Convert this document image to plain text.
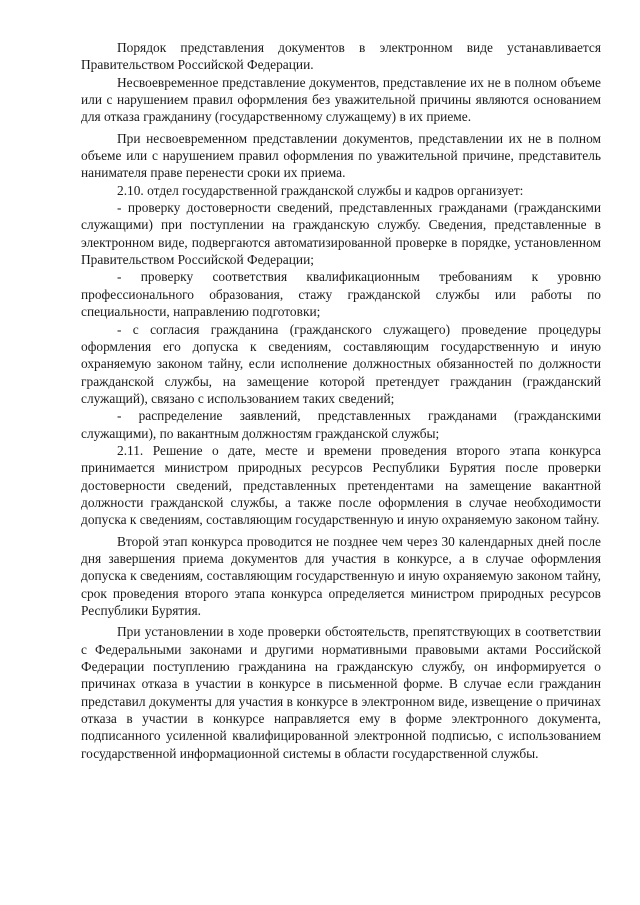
Порядок представления документов в электронном виде устанавливается Правительством Российской Федерации.

Несвоевременное представление документов, представление их не в полном объеме или с нарушением правил оформления без уважительной причины являются основанием для отказа гражданину (государственному служащему) в их приеме.

При несвоевременном представлении документов, представлении их не в полном объеме или с нарушением правил оформления по уважительной причине, представитель нанимателя праве перенести сроки их приема.

2.10. отдел государственной гражданской службы и кадров организует:

- проверку достоверности сведений, представленных гражданами (гражданскими служащими) при поступлении на гражданскую службу. Сведения, представленные в электронном виде, подвергаются автоматизированной проверке в порядке, установленном Правительством Российской Федерации;

- проверку соответствия квалификационным требованиям к уровню профессионального образования, стажу гражданской службы или работы по специальности, направлению подготовки;

- с согласия гражданина (гражданского служащего) проведение процедуры оформления его допуска к сведениям, составляющим государственную и иную охраняемую законом тайну, если исполнение должностных обязанностей по должности гражданской службы, на замещение которой претендует гражданин (гражданский служащий), связано с использованием таких сведений;

- распределение заявлений, представленных гражданами (гражданскими служащими), по вакантным должностям гражданской службы;

2.11. Решение о дате, месте и времени проведения второго этапа конкурса принимается министром природных ресурсов Республики Бурятия после проверки достоверности сведений, представленных претендентами на замещение вакантной должности гражданской службы, а также после оформления в случае необходимости допуска к сведениям, составляющим государственную и иную охраняемую законом тайну.

Второй этап конкурса проводится не позднее чем через 30 календарных дней после дня завершения приема документов для участия в конкурсе, а в случае оформления допуска к сведениям, составляющим государственную и иную охраняемую законом тайну, срок проведения второго этапа конкурса определяется министром природных ресурсов Республики Бурятия.

При установлении в ходе проверки обстоятельств, препятствующих в соответствии с Федеральными законами и другими нормативными правовыми актами Российской Федерации поступлению гражданина на гражданскую службу, он информируется о причинах отказа в участии в конкурсе в письменной форме. В случае если гражданин представил документы для участия в конкурсе в электронном виде, извещение о причинах отказа в участии в конкурсе направляется ему в форме электронного документа, подписанного усиленной квалифицированной электронной подписью, с использованием государственной информационной системы в области государственной службы.
